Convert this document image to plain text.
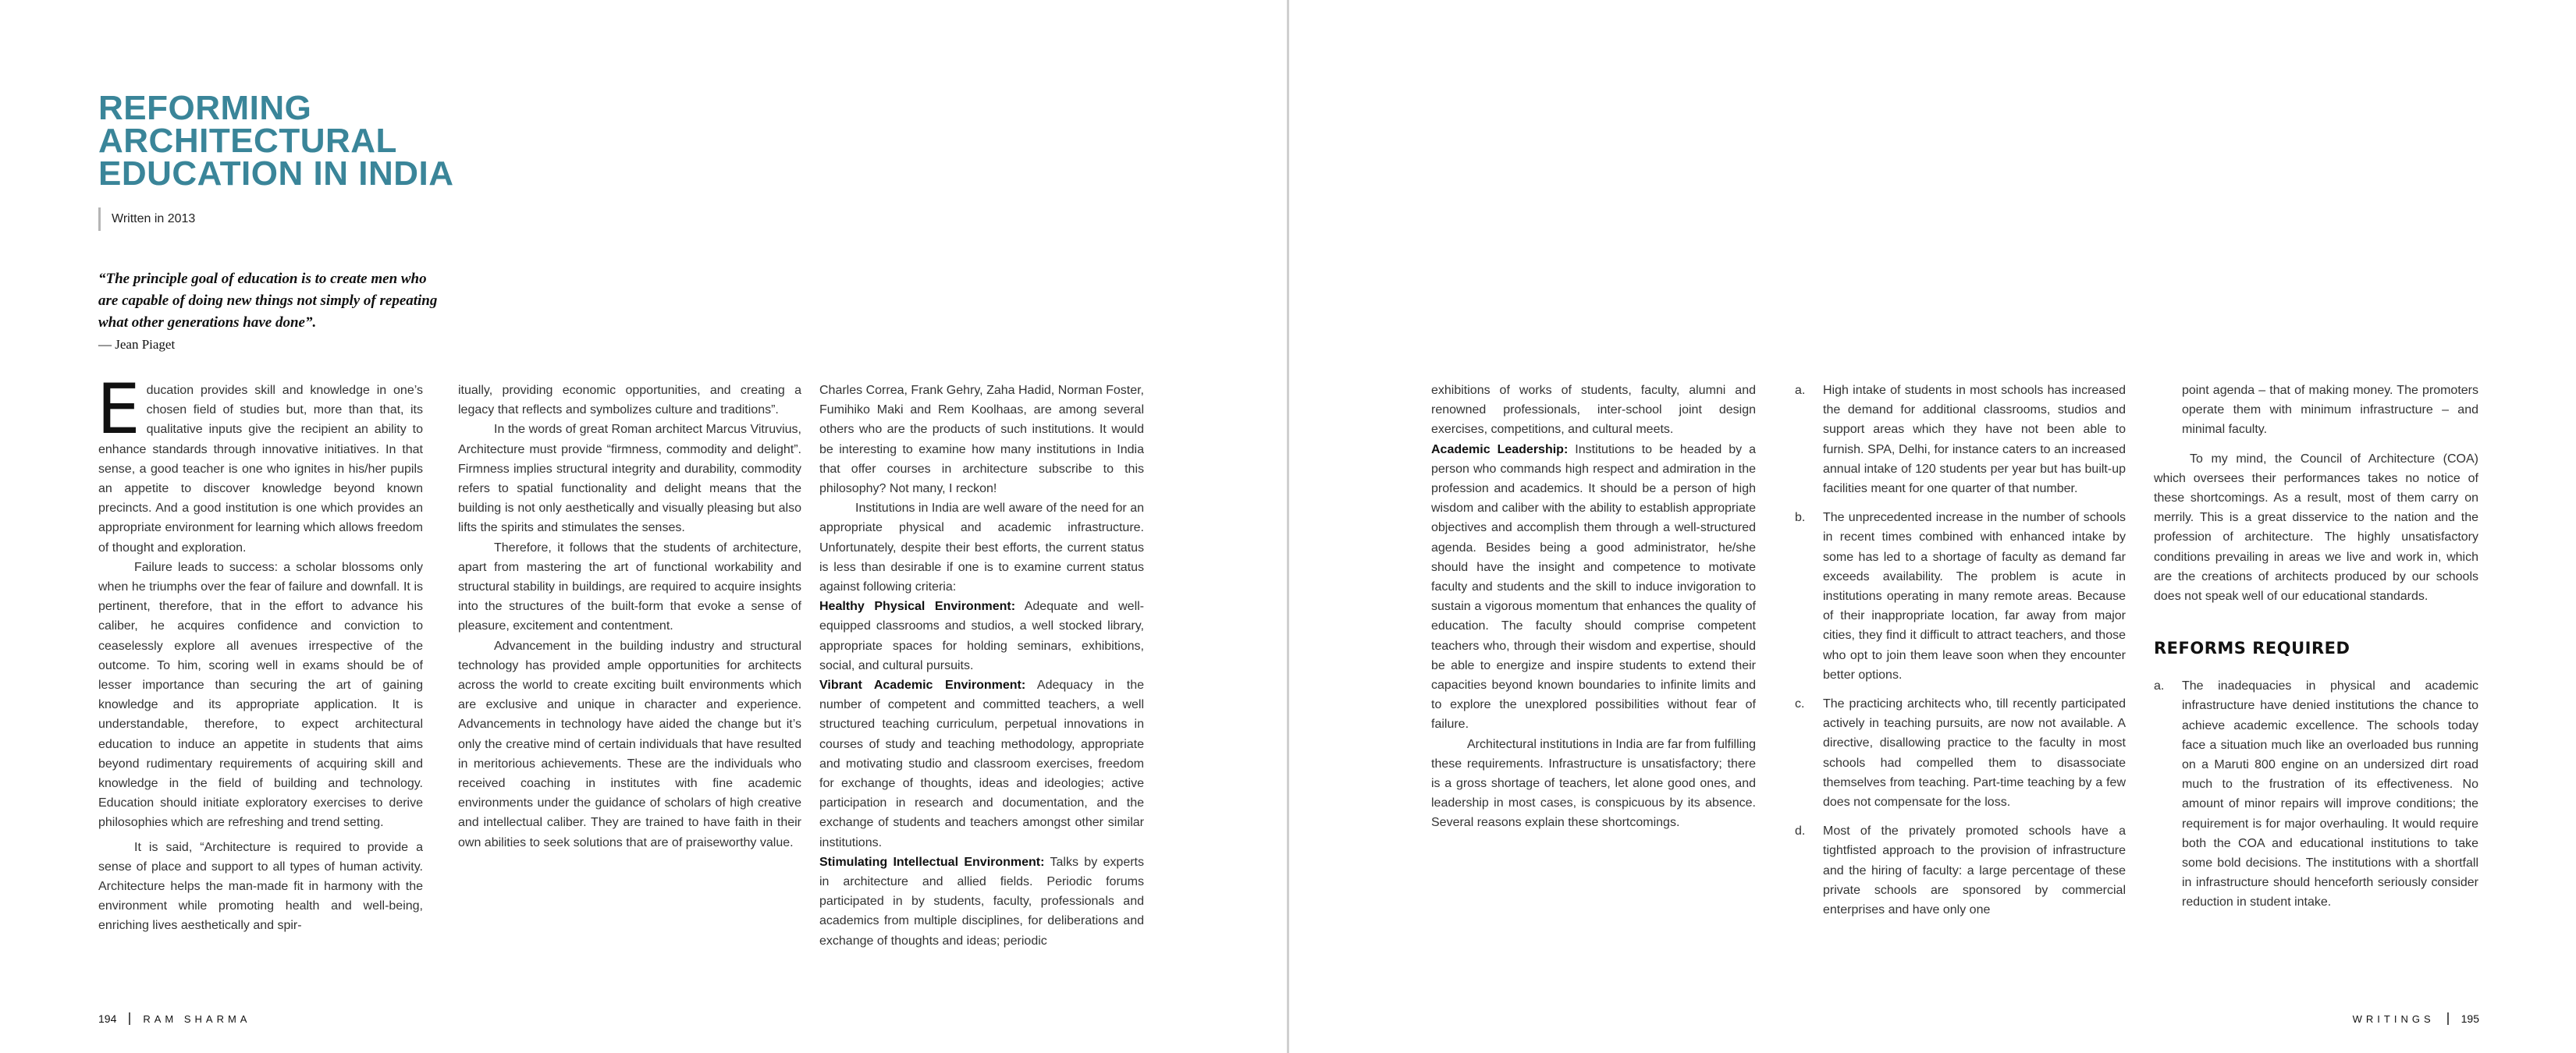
REFORMING
ARCHITECTURAL
EDUCATION IN INDIA
Written in 2013

“The principle goal of education is to create men who are capable of doing new things not simply of repeating what other generations have done”.

— Jean Piaget

Education provides skill and knowledge in one’s chosen field of studies but, more than that, its qualitative inputs give the recipient an ability to enhance standards through innovative initiatives. In that sense, a good teacher is one who ignites in his/her pupils an appetite to discover knowledge beyond known precincts. And a good institution is one which provides an appropriate environment for learning which allows freedom of thought and exploration.

Failure leads to success: a scholar blossoms only when he triumphs over the fear of failure and downfall. It is pertinent, therefore, that in the effort to advance his caliber, he acquires confidence and conviction to ceaselessly explore all avenues irrespective of the outcome. To him, scoring well in exams should be of lesser importance than securing the art of gaining knowledge and its appropriate application. It is understandable, therefore, to expect architectural education to induce an appetite in students that aims beyond rudimentary requirements of acquiring skill and knowledge in the field of building and technology. Education should initiate exploratory exercises to derive philosophies which are refreshing and trend setting.

It is said, “Architecture is required to provide a sense of place and support to all types of human activity. Architecture helps the man-made fit in harmony with the environment while promoting health and well-being, enriching lives aesthetically and spir-

itually, providing economic opportunities, and creating a legacy that reflects and symbolizes culture and traditions”.

In the words of great Roman architect Marcus Vitruvius, Architecture must provide “firmness, commodity and delight”. Firmness implies structural integrity and durability, commodity refers to spatial functionality and delight means that the building is not only aesthetically and visually pleasing but also lifts the spirits and stimulates the senses.

Therefore, it follows that the students of architecture, apart from mastering the art of functional workability and structural stability in buildings, are required to acquire insights into the structures of the built-form that evoke a sense of pleasure, excitement and contentment.

Advancement in the building industry and structural technology has provided ample opportunities for architects across the world to create exciting built environments which are exclusive and unique in character and experience. Advancements in technology have aided the change but it’s only the creative mind of certain individuals that have resulted in meritorious achievements. These are the individuals who received coaching in institutes with fine academic environments under the guidance of scholars of high creative and intellectual caliber. They are trained to have faith in their own abilities to seek solutions that are of praiseworthy value.

Charles Correa, Frank Gehry, Zaha Hadid, Norman Foster, Fumihiko Maki and Rem Koolhaas, are among several others who are the products of such institutions. It would be interesting to examine how many institutions in India that offer courses in architecture subscribe to this philosophy? Not many, I reckon!

Institutions in India are well aware of the need for an appropriate physical and academic infrastructure. Unfortunately, despite their best efforts, the current status is less than desirable if one is to examine current status against following criteria:

Healthy Physical Environment: Adequate and well-equipped classrooms and studios, a well stocked library, appropriate spaces for holding seminars, exhibitions, social, and cultural pursuits.

Vibrant Academic Environment: Adequacy in the number of competent and committed teachers, a well structured teaching curriculum, perpetual innovations in courses of study and teaching methodology, appropriate and motivating studio and classroom exercises, freedom for exchange of thoughts, ideas and ideologies; active participation in research and documentation, and the exchange of students and teachers amongst other similar institutions.

Stimulating Intellectual Environment: Talks by experts in architecture and allied fields. Periodic forums participated in by students, faculty, professionals and academics from multiple disciplines, for deliberations and exchange of thoughts and ideas; periodic

194	RAM SHARMA

exhibitions of works of students, faculty, alumni and renowned professionals, inter-school joint design exercises, competitions, and cultural meets.

Academic Leadership: Institutions to be headed by a person who commands high respect and admiration in the profession and academics. It should be a person of high wisdom and caliber with the ability to establish appropriate objectives and accomplish them through a well-structured agenda. Besides being a good administrator, he/she should have the insight and competence to motivate faculty and students and the skill to induce invigoration to sustain a vigorous momentum that enhances the quality of education. The faculty should comprise competent teachers who, through their wisdom and expertise, should be able to energize and inspire students to extend their capacities beyond known boundaries to infinite limits and to explore the unexplored possibilities without fear of failure.

Architectural institutions in India are far from fulfilling these requirements. Infrastructure is unsatisfactory; there is a gross shortage of teachers, let alone good ones, and leadership in most cases, is conspicuous by its absence. Several reasons explain these shortcomings.

a.	High intake of students in most schools has increased the demand for additional classrooms, studios and support areas which they have not been able to furnish. SPA, Delhi, for instance caters to an increased annual intake of 120 students per year but has built-up facilities meant for one quarter of that number.
b.	The unprecedented increase in the number of schools in recent times combined with enhanced intake by some has led to a shortage of faculty as demand far exceeds availability. The problem is acute in institutions operating in many remote areas. Because of their inappropriate location, far away from major cities, they find it difficult to attract teachers, and those who opt to join them leave soon when they encounter better options.
c.	The practicing architects who, till recently participated actively in teaching pursuits, are now not available. A directive, disallowing practice to the faculty in most schools had compelled them to disassociate themselves from teaching. Part-time teaching by a few does not compensate for the loss.
d.	Most of the privately promoted schools have a tightfisted approach to the provision of infrastructure and the hiring of faculty: a large percentage of these private schools are sponsored by commercial enterprises and have only one

point agenda – that of making money. The promoters operate them with minimum infrastructure – and minimal faculty.

To my mind, the Council of Architecture (COA) which oversees their performances takes no notice of these shortcomings. As a result, most of them carry on merrily. This is a great disservice to the nation and the profession of architecture. The highly unsatisfactory conditions prevailing in areas we live and work in, which are the creations of architects produced by our schools does not speak well of our educational standards.

REFORMS REQUIRED
a.	The inadequacies in physical and academic infrastructure have denied institutions the chance to achieve academic excellence. The schools today face a situation much like an overloaded bus running on a Maruti 800 engine on an undersized dirt road much to the frustration of its effectiveness. No amount of minor repairs will improve conditions; the requirement is for major overhauling. It would require both the COA and educational institutions to take some bold decisions. The institutions with a shortfall in infrastructure should henceforth seriously consider reduction in student intake.
WRITINGS 195
